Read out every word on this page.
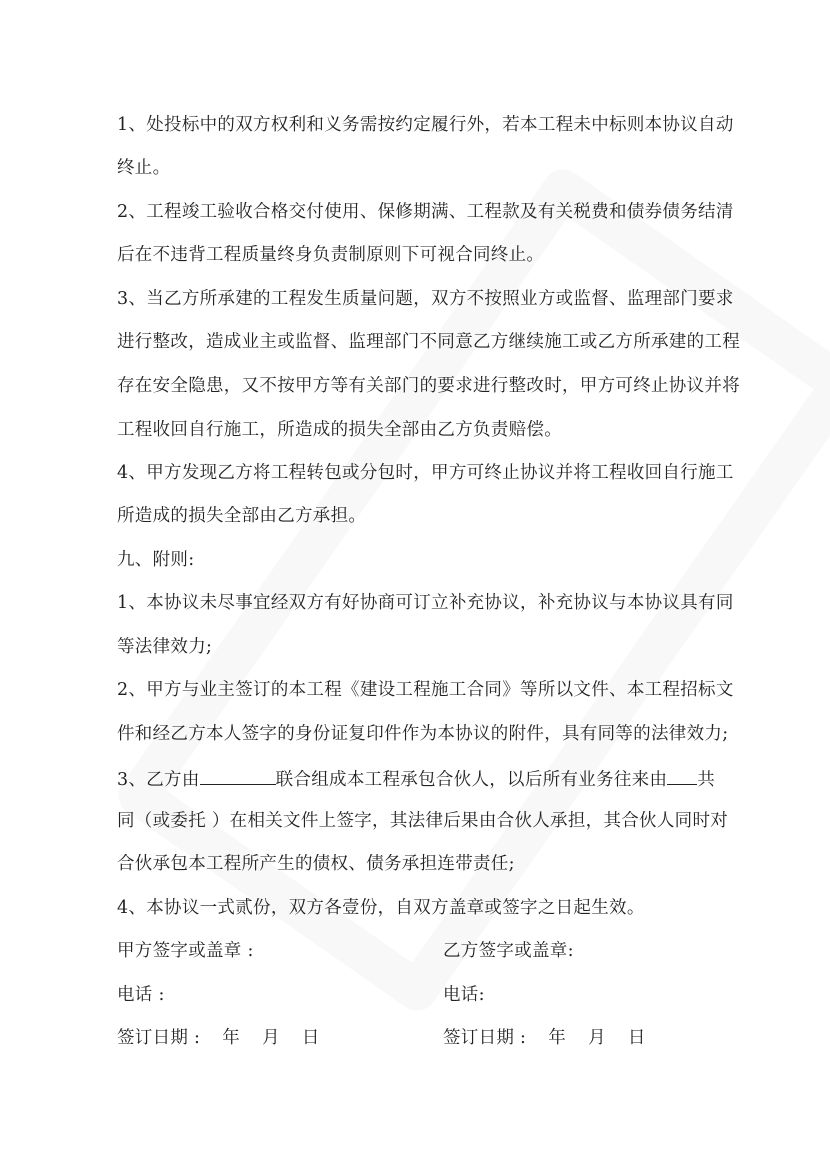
1、处投标中的双方权利和义务需按约定履行外，若本工程未中标则本协议自动
终止。
2、工程竣工验收合格交付使用、保修期满、工程款及有关税费和债券债务结清
后在不违背工程质量终身负责制原则下可视合同终止。
3、当乙方所承建的工程发生质量问题，双方不按照业方或监督、监理部门要求
进行整改，造成业主或监督、监理部门不同意乙方继续施工或乙方所承建的工程
存在安全隐患，又不按甲方等有关部门的要求进行整改时，甲方可终止协议并将
工程收回自行施工，所造成的损失全部由乙方负责赔偿。
4、甲方发现乙方将工程转包或分包时，甲方可终止协议并将工程收回自行施工
所造成的损失全部由乙方承担。
九、附则:
1、本协议未尽事宜经双方有好协商可订立补充协议，补充协议与本协议具有同
等法律效力;
2、甲方与业主签订的本工程《建设工程施工合同》等所以文件、本工程招标文
件和经乙方本人签字的身份证复印件作为本协议的附件，具有同等的法律效力;
3、乙方由	联合组成本工程承包合伙人，以后所有业务往来由 共
同（或委托 ）在相关文件上签字，其法律后果由合伙人承担，其合伙人同时对
合伙承包本工程所产生的债权、债务承担连带责任;
4、本协议一式贰份，双方各壹份，自双方盖章或签字之日起生效。
甲方签字或盖章 :	乙方签字或盖章:
电话 :	电话:
签订日期 : 年 月 日	签订日期 : 年 月 日
